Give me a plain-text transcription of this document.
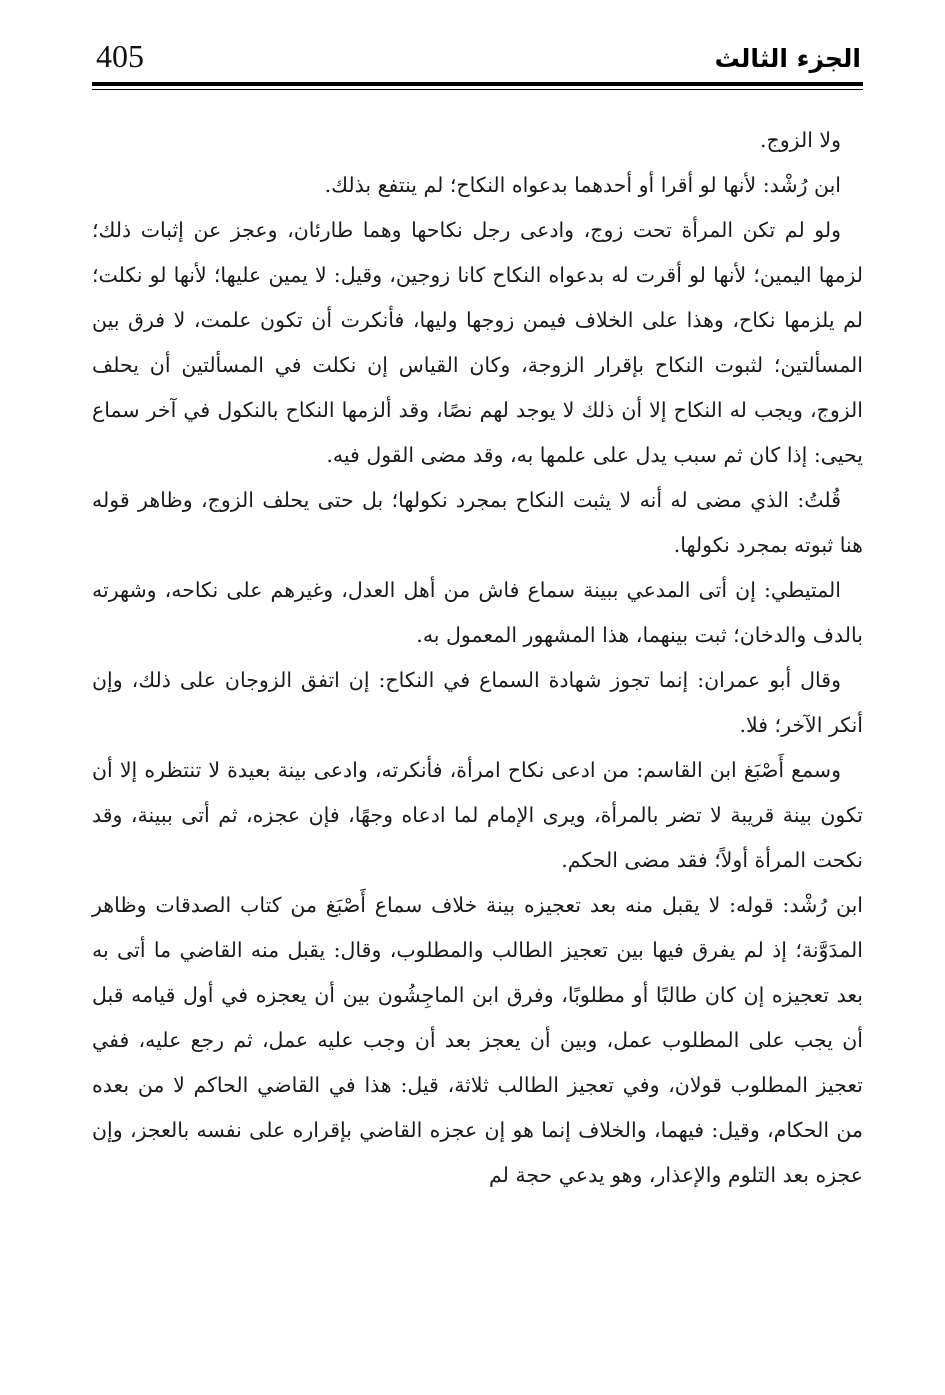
405	الجزء الثالث

ولا الزوج.

ابن رُشْد: لأنها لو أقرا أو أحدهما بدعواه النكاح؛ لم ينتفع بذلك.

ولو لم تكن المرأة تحت زوج، وادعى رجل نكاحها وهما طارئان، وعجز عن إثبات ذلك؛ لزمها اليمين؛ لأنها لو أقرت له بدعواه النكاح كانا زوجين، وقيل: لا يمين عليها؛ لأنها لو نكلت؛ لم يلزمها نكاح، وهذا على الخلاف فيمن زوجها وليها، فأنكرت أن تكون علمت، لا فرق بين المسألتين؛ لثبوت النكاح بإقرار الزوجة، وكان القياس إن نكلت في المسألتين أن يحلف الزوج، ويجب له النكاح إلا أن ذلك لا يوجد لهم نصًا، وقد ألزمها النكاح بالنكول في آخر سماع يحيى: إذا كان ثم سبب يدل على علمها به، وقد مضى القول فيه.

قُلتُ: الذي مضى له أنه لا يثبت النكاح بمجرد نكولها؛ بل حتى يحلف الزوج، وظاهر قوله هنا ثبوته بمجرد نكولها.

المتيطي: إن أتى المدعي ببينة سماع فاش من أهل العدل، وغيرهم على نكاحه، وشهرته بالدف والدخان؛ ثبت بينهما، هذا المشهور المعمول به.

وقال أبو عمران: إنما تجوز شهادة السماع في النكاح: إن اتفق الزوجان على ذلك، وإن أنكر الآخر؛ فلا.

وسمع أَصْبَغ ابن القاسم: من ادعى نكاح امرأة، فأنكرته، وادعى بينة بعيدة لا تنتظره إلا أن تكون بينة قريبة لا تضر بالمرأة، ويرى الإمام لما ادعاه وجهًا، فإن عجزه، ثم أتى ببينة، وقد نكحت المرأة أولاً؛ فقد مضى الحكم.

ابن رُشْد: قوله: لا يقبل منه بعد تعجيزه بينة خلاف سماع أَصْبَغ من كتاب الصدقات وظاهر المدَوَّنة؛ إذ لم يفرق فيها بين تعجيز الطالب والمطلوب، وقال: يقبل منه القاضي ما أتى به بعد تعجيزه إن كان طالبًا أو مطلوبًا، وفرق ابن الماجِشُون بين أن يعجزه في أول قيامه قبل أن يجب على المطلوب عمل، وبين أن يعجز بعد أن وجب عليه عمل، ثم رجع عليه، ففي تعجيز المطلوب قولان، وفي تعجيز الطالب ثلاثة، قيل: هذا في القاضي الحاكم لا من بعده من الحكام، وقيل: فيهما، والخلاف إنما هو إن عجزه القاضي بإقراره على نفسه بالعجز، وإن عجزه بعد التلوم والإعذار، وهو يدعي حجة لم
